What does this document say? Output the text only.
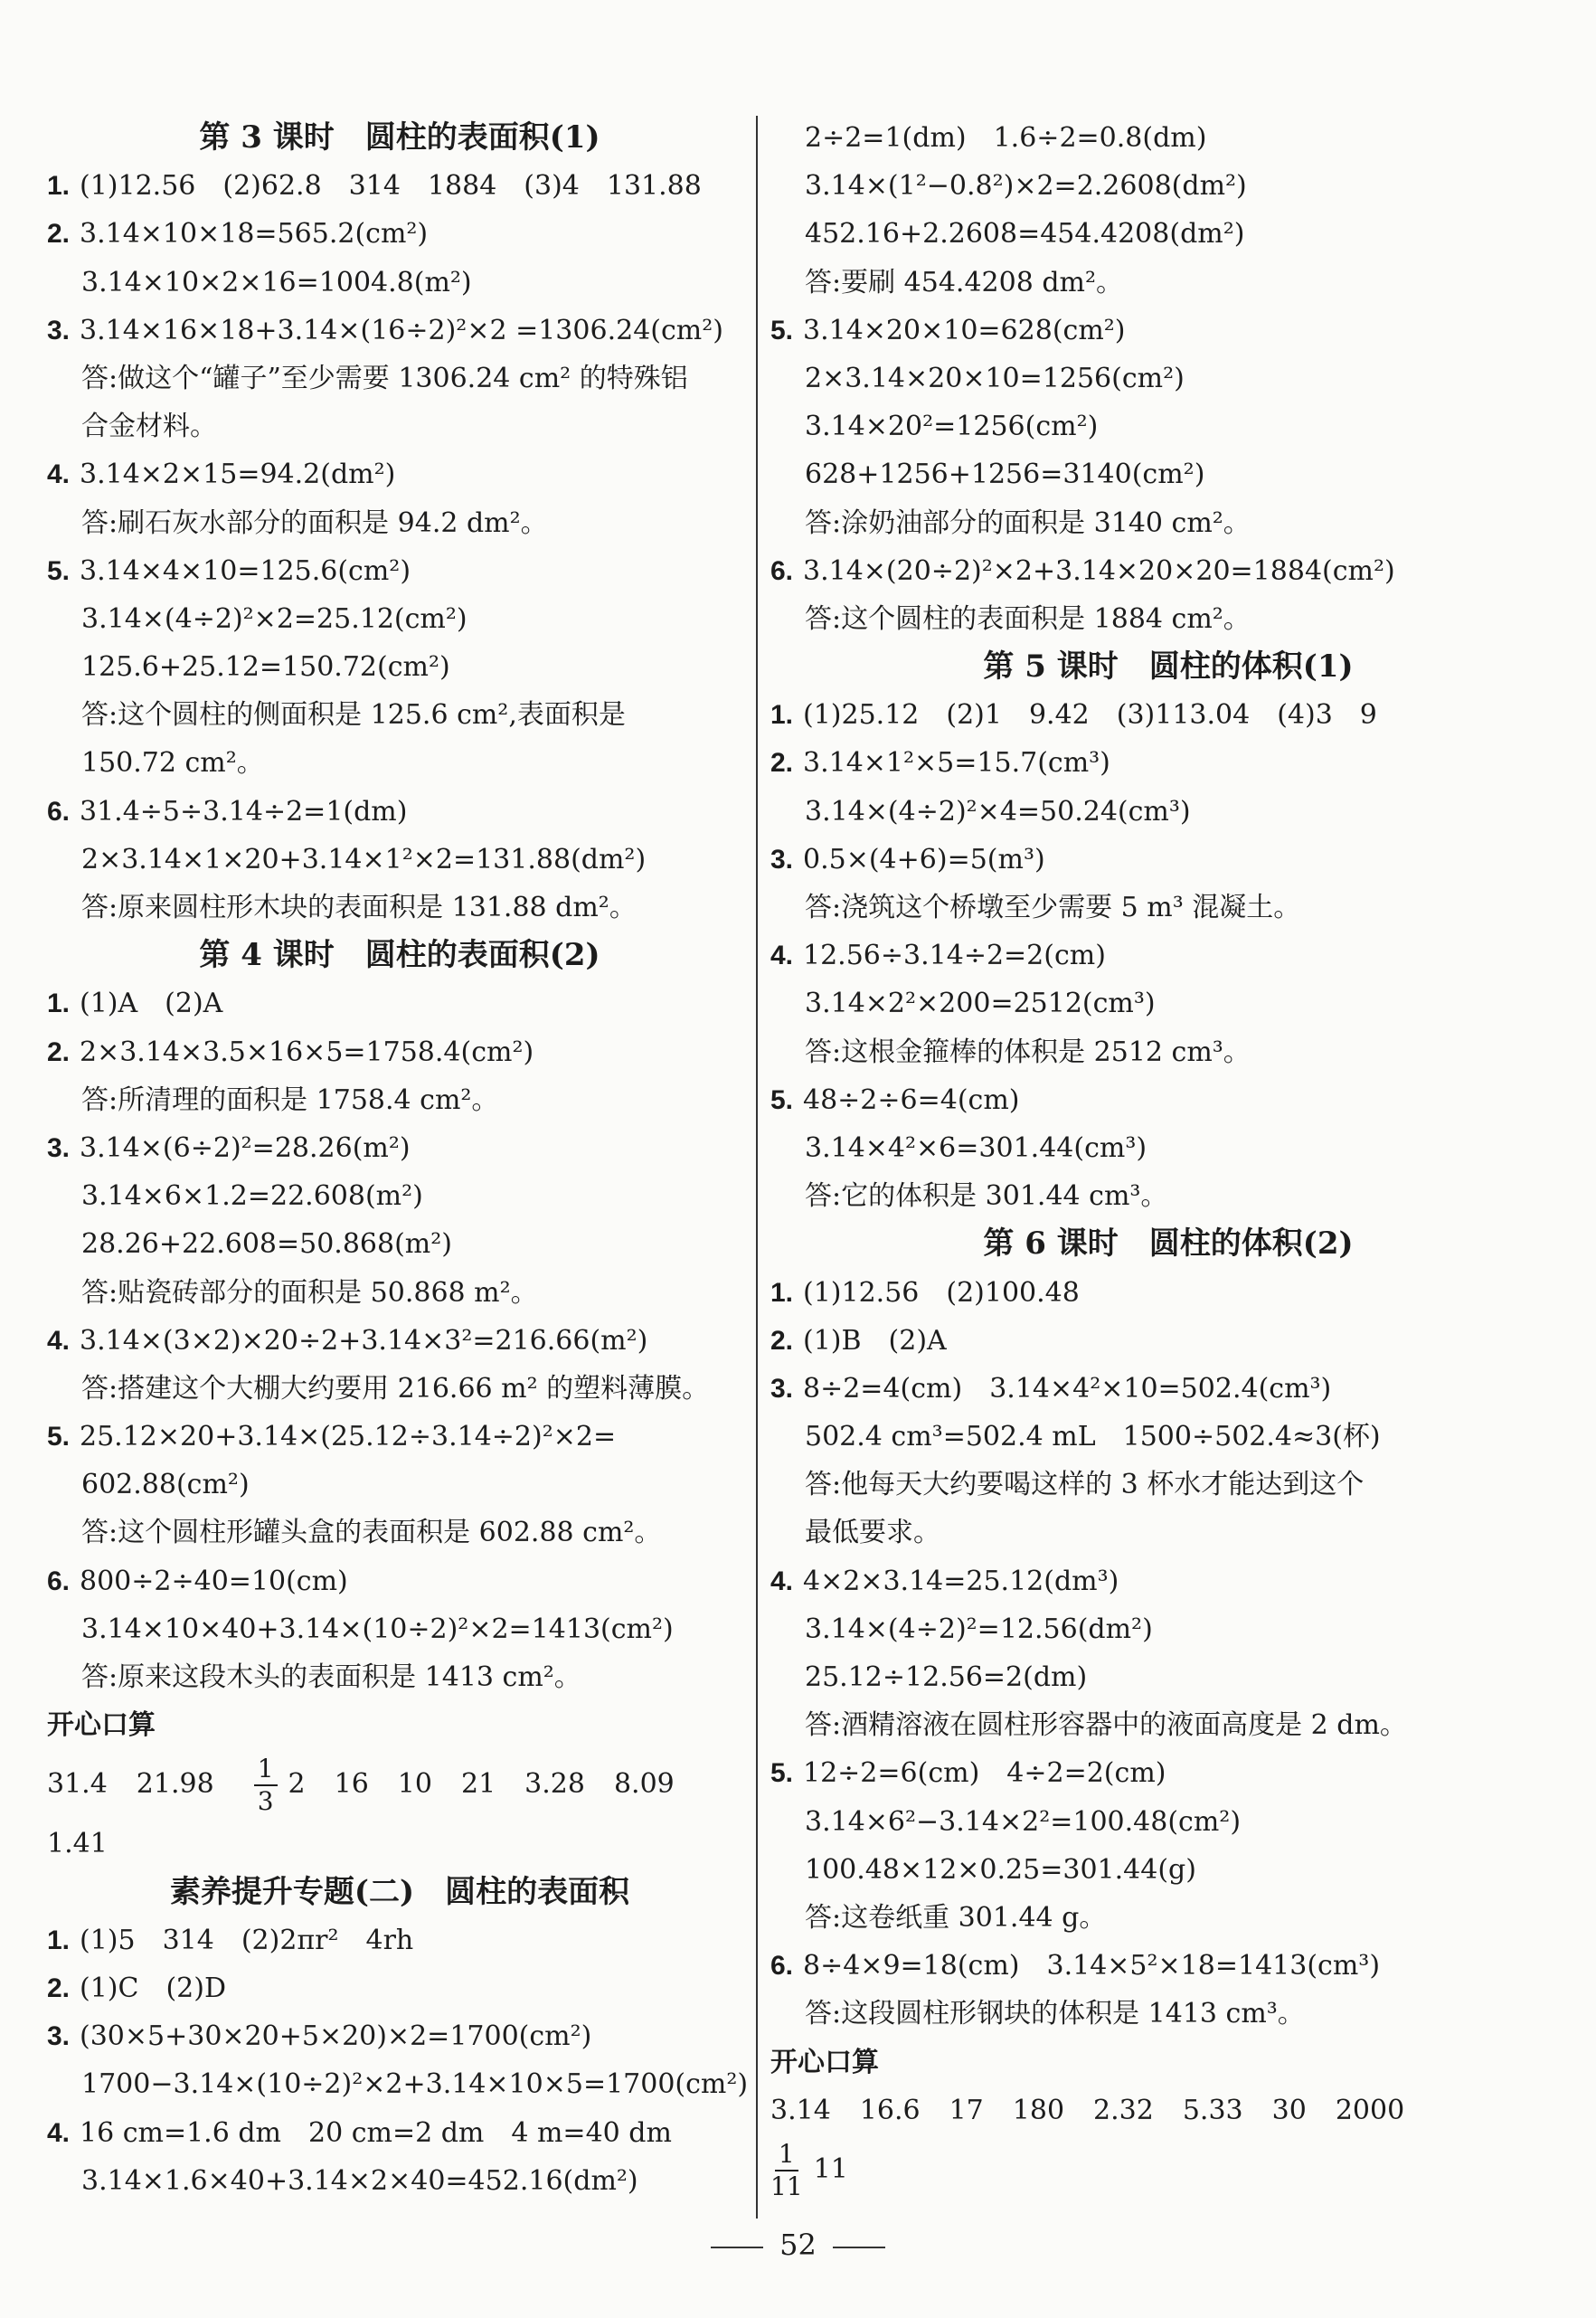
第 3 课时　圆柱的表面积(1)
1. (1)12.56　(2)62.8　314　1884　(3)4　131.88
2. 3.14×10×18=565.2(cm²)
3.14×10×2×16=1004.8(m²)
3. 3.14×16×18+3.14×(16÷2)²×2 =1306.24(cm²)
答:做这个“罐子”至少需要 1306.24 cm² 的特殊铝
合金材料。
4. 3.14×2×15=94.2(dm²)
答:刷石灰水部分的面积是 94.2 dm²。
5. 3.14×4×10=125.6(cm²)
3.14×(4÷2)²×2=25.12(cm²)
125.6+25.12=150.72(cm²)
答:这个圆柱的侧面积是 125.6 cm²,表面积是
150.72 cm²。
6. 31.4÷5÷3.14÷2=1(dm)
2×3.14×1×20+3.14×1²×2=131.88(dm²)
答:原来圆柱形木块的表面积是 131.88 dm²。
第 4 课时　圆柱的表面积(2)
1. (1)A　(2)A
2. 2×3.14×3.5×16×5=1758.4(cm²)
答:所清理的面积是 1758.4 cm²。
3. 3.14×(6÷2)²=28.26(m²)
3.14×6×1.2=22.608(m²)
28.26+22.608=50.868(m²)
答:贴瓷砖部分的面积是 50.868 m²。
4. 3.14×(3×2)×20÷2+3.14×3²=216.66(m²)
答:搭建这个大棚大约要用 216.66 m² 的塑料薄膜。
5. 25.12×20+3.14×(25.12÷3.14÷2)²×2=
602.88(cm²)
答:这个圆柱形罐头盒的表面积是 602.88 cm²。
6. 800÷2÷40=10(cm)
3.14×10×40+3.14×(10÷2)²×2=1413(cm²)
答:原来这段木头的表面积是 1413 cm²。
开心口算
31.4 $21.98 \frac{1}{3} 2$ 16 10 21 3.28 8.09
1.41
素养提升专题(二)　圆柱的表面积
1. (1)5　314　(2)2πr²　4rh
2. (1)C　(2)D
3. (30×5+30×20+5×20)×2=1700(cm²)
1700−3.14×(10÷2)²×2+3.14×10×5=1700(cm²)
4. 16 cm=1.6 dm　20 cm=2 dm　4 m=40 dm
3.14×1.6×40+3.14×2×40=452.16(dm²)
2÷2=1(dm)　1.6÷2=0.8(dm)
3.14×(1²−0.8²)×2=2.2608(dm²)
452.16+2.2608=454.4208(dm²)
答:要刷 454.4208 dm²。
5. 3.14×20×10=628(cm²)
2×3.14×20×10=1256(cm²)
3.14×20²=1256(cm²)
628+1256+1256=3140(cm²)
答:涂奶油部分的面积是 3140 cm²。
6. 3.14×(20÷2)²×2+3.14×20×20=1884(cm²)
答:这个圆柱的表面积是 1884 cm²。
第 5 课时　圆柱的体积(1)
1. (1)25.12　(2)1　9.42　(3)113.04　(4)3　9
2. 3.14×1²×5=15.7(cm³)
3.14×(4÷2)²×4=50.24(cm³)
3. 0.5×(4+6)=5(m³)
答:浇筑这个桥墩至少需要 5 m³ 混凝土。
4. 12.56÷3.14÷2=2(cm)
3.14×2²×200=2512(cm³)
答:这根金箍棒的体积是 2512 cm³。
5. 48÷2÷6=4(cm)
3.14×4²×6=301.44(cm³)
答:它的体积是 301.44 cm³。
第 6 课时　圆柱的体积(2)
1. (1)12.56　(2)100.48
2. (1)B　(2)A
3. 8÷2=4(cm)　3.14×4²×10=502.4(cm³)
502.4 cm³=502.4 mL　1500÷502.4≈3(杯)
答:他每天大约要喝这样的 3 杯水才能达到这个
最低要求。
4. 4×2×3.14=25.12(dm³)
3.14×(4÷2)²=12.56(dm²)
25.12÷12.56=2(dm)
答:酒精溶液在圆柱形容器中的液面高度是 2 dm。
5. 12÷2=6(cm)　4÷2=2(cm)
3.14×6²−3.14×2²=100.48(cm²)
100.48×12×0.25=301.44(g)
答:这卷纸重 301.44 g。
6. 8÷4×9=18(cm)　3.14×5²×18=1413(cm³)
答:这段圆柱形钢块的体积是 1413 cm³。
开心口算
3.14 16.6 17 180 2.32 5.33 30 2000
$\frac{1}{11} 11$
52
